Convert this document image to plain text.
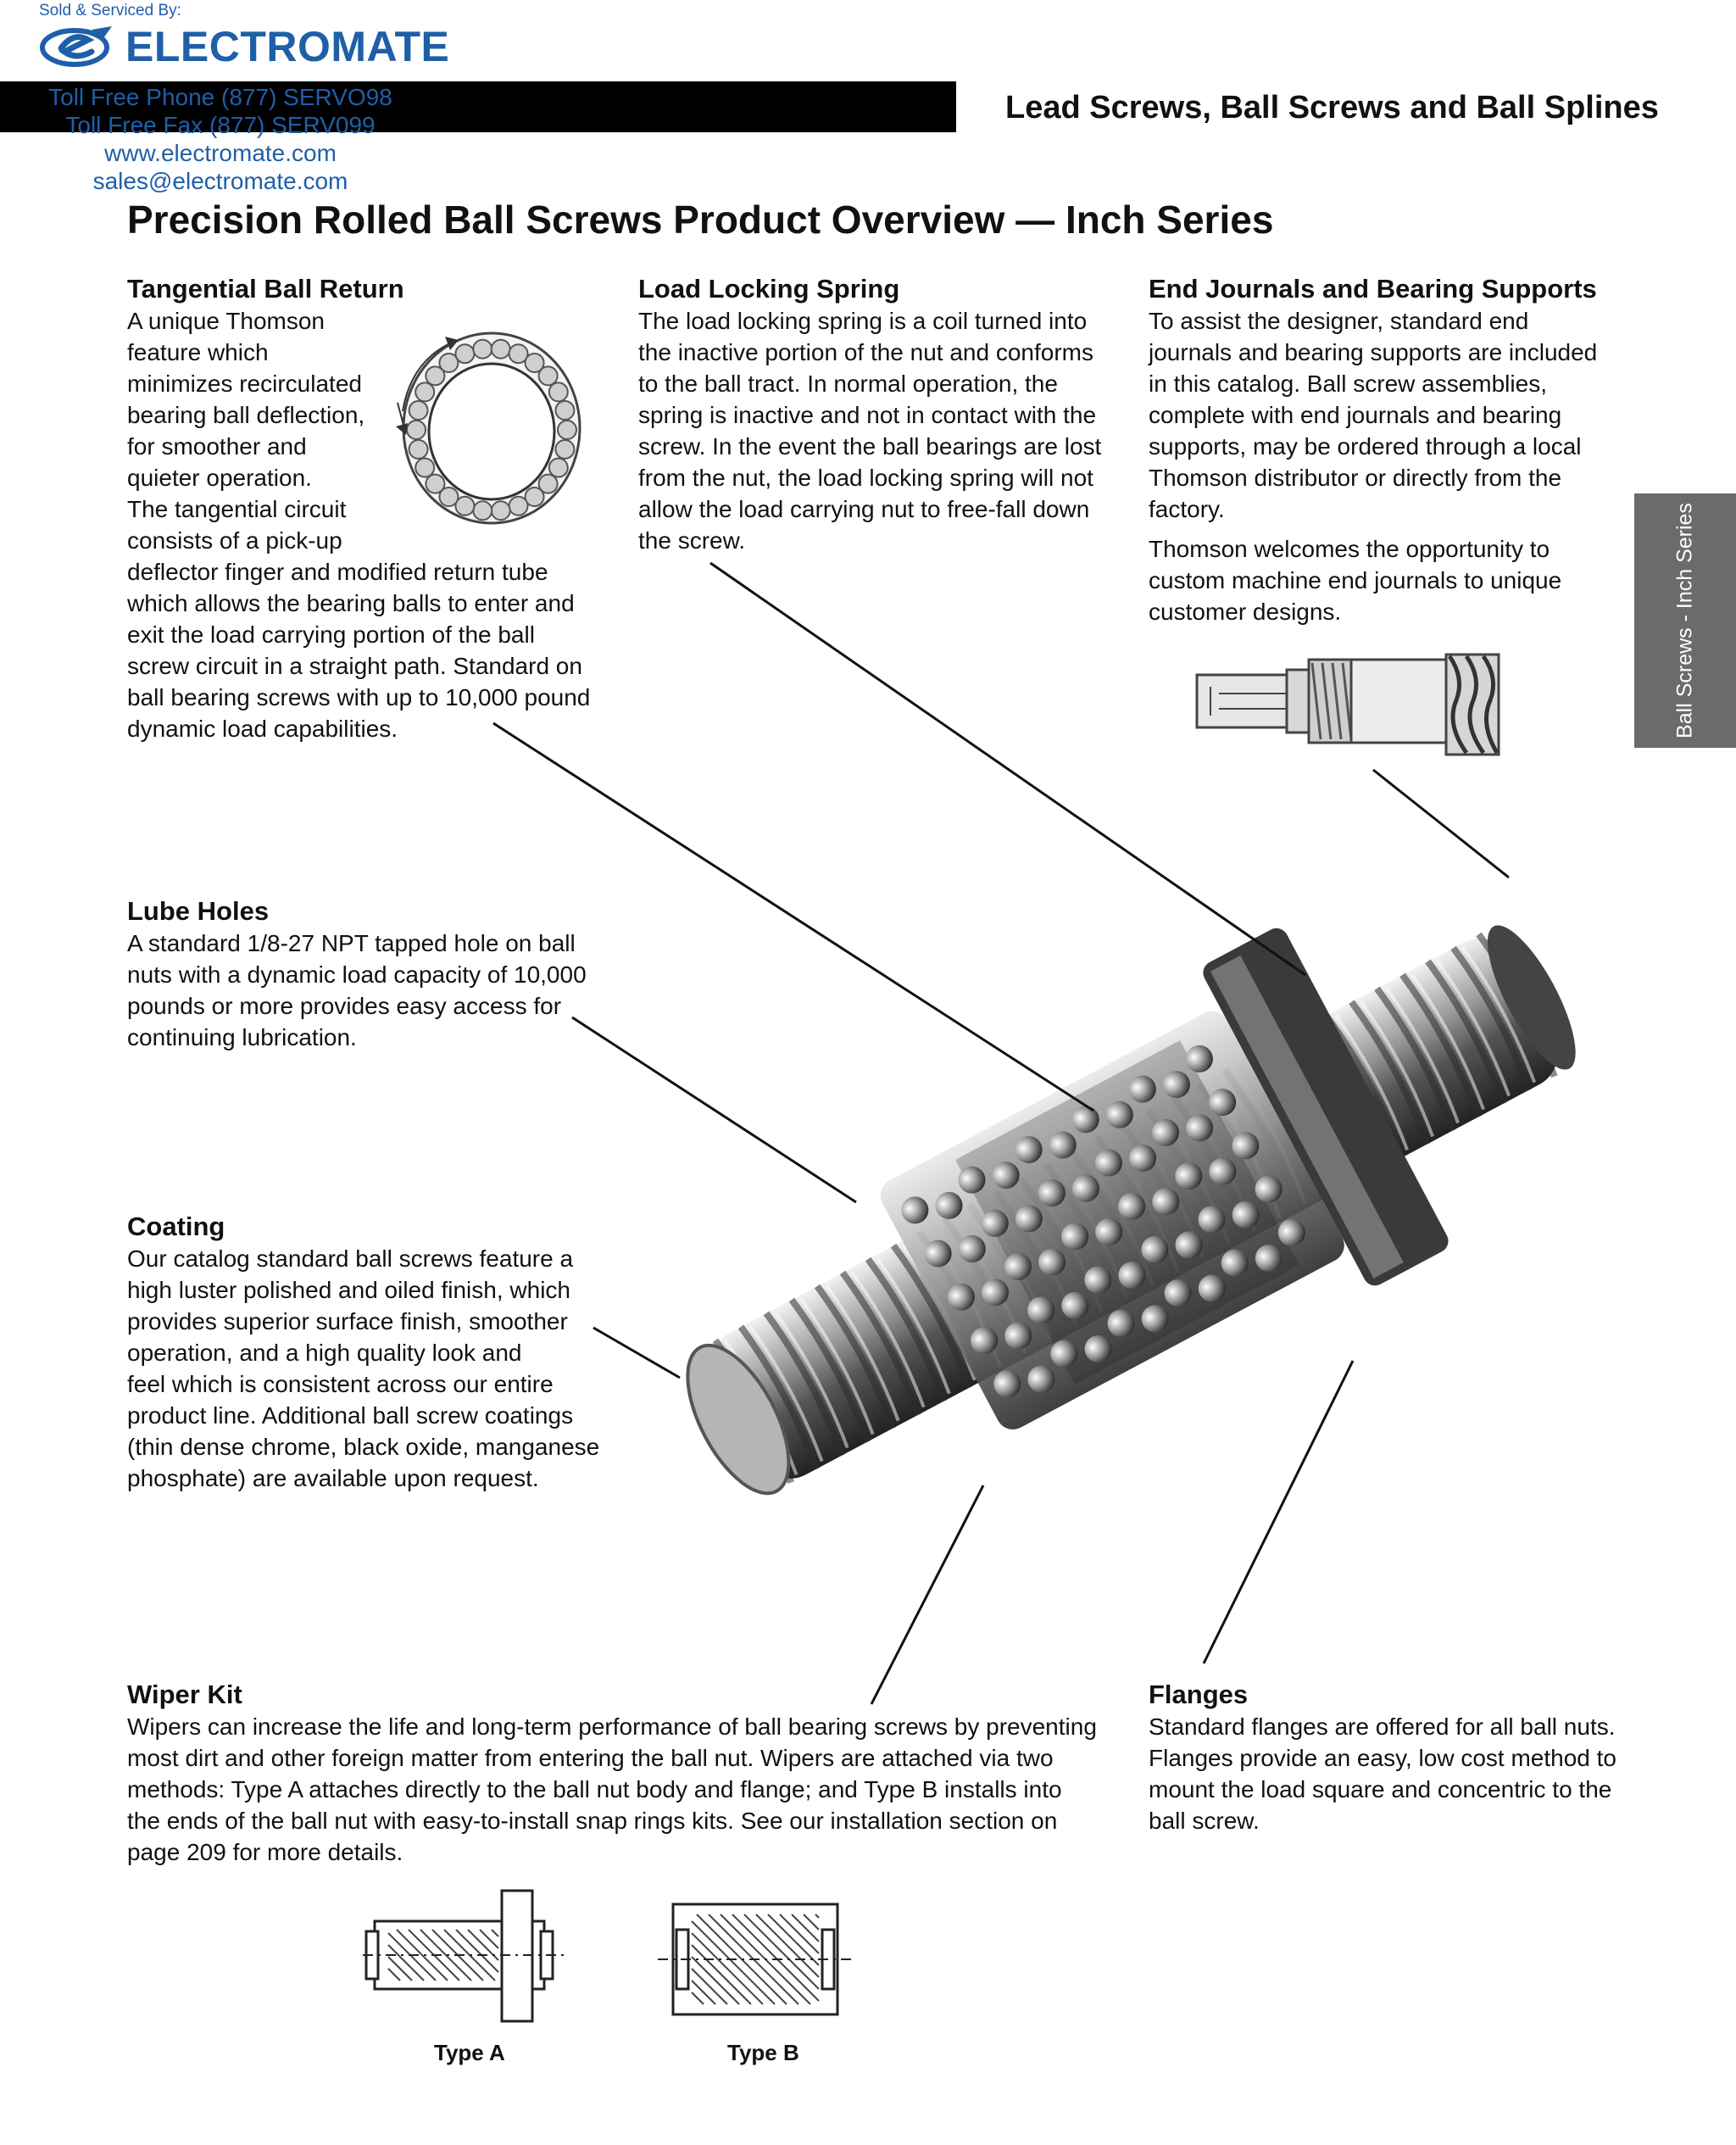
Sold & Serviced By:
ELECTROMATE
Toll Free Phone (877) SERVO98
Toll Free Fax (877) SERV099
www.electromate.com
sales@electromate.com
Lead Screws, Ball Screws and Ball Splines
Precision Rolled Ball Screws Product Overview — Inch Series
Ball Screws - Inch Series
Tangential Ball Return
A unique Thomson
feature which
minimizes recirculated
bearing ball deflection,
for smoother and
quieter operation.
The tangential circuit
consists of a pick-up
deflector finger and modified return tube
which allows the bearing balls to enter and
exit the load carrying portion of the ball
screw circuit in a straight path. Standard on
ball bearing screws with up to 10,000 pound
dynamic load capabilities.
Load Locking Spring
The load locking spring is a coil turned into
the inactive portion of the nut and conforms
to the ball tract. In normal operation, the
spring is inactive and not in contact with the
screw. In the event the ball bearings are lost
from the nut, the load locking spring will not
allow the load carrying nut to free-fall down
the screw.
End Journals and Bearing Supports
To assist the designer, standard end
journals and bearing supports are included
in this catalog. Ball screw assemblies,
complete with end journals and bearing
supports, may be ordered through a local
Thomson distributor or directly from the
factory.
Thomson welcomes the opportunity to
custom machine end journals to unique
customer designs.
Lube Holes
A standard 1/8-27 NPT tapped hole on ball
nuts with a dynamic load capacity of 10,000
pounds or more provides easy access for
continuing lubrication.
Coating
Our catalog standard ball screws feature a
high luster polished and oiled finish, which
provides superior surface finish, smoother
operation, and a high quality look and
feel which is consistent across our entire
product line. Additional ball screw coatings
(thin dense chrome, black oxide, manganese
phosphate) are available upon request.
Wiper Kit
Wipers can increase the life and long-term performance of ball bearing screws by preventing
most dirt and other foreign matter from entering the ball nut. Wipers are attached via two
methods: Type A attaches directly to the ball nut body and flange; and Type B installs into
the ends of the ball nut with easy-to-install snap rings kits. See our installation section on
page 209 for more details.
Flanges
Standard flanges are offered for all ball nuts.
Flanges provide an easy, low cost method to
mount the load square and concentric to the
ball screw.
Type A	Type B
